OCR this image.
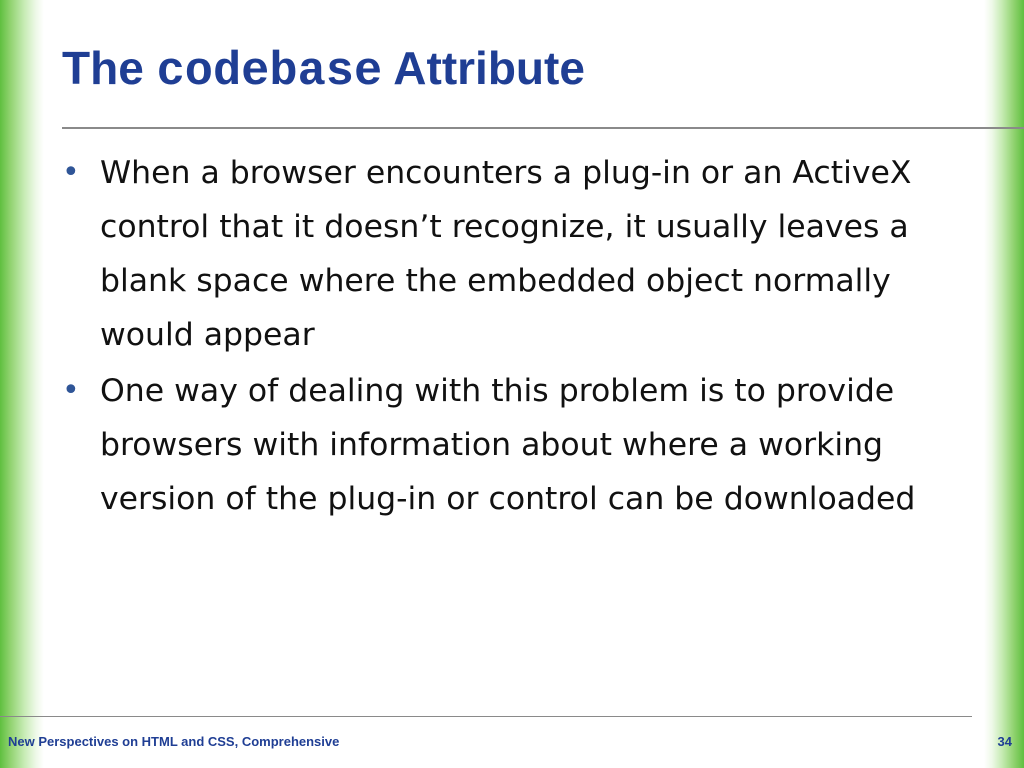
The codebase Attribute
• When a browser encounters a plug-in or an ActiveX control that it doesn’t recognize, it usually leaves a blank space where the embedded object normally would appear
• One way of dealing with this problem is to provide browsers with information about where a working version of the plug-in or control can be downloaded
New Perspectives on HTML and CSS, Comprehensive	34
